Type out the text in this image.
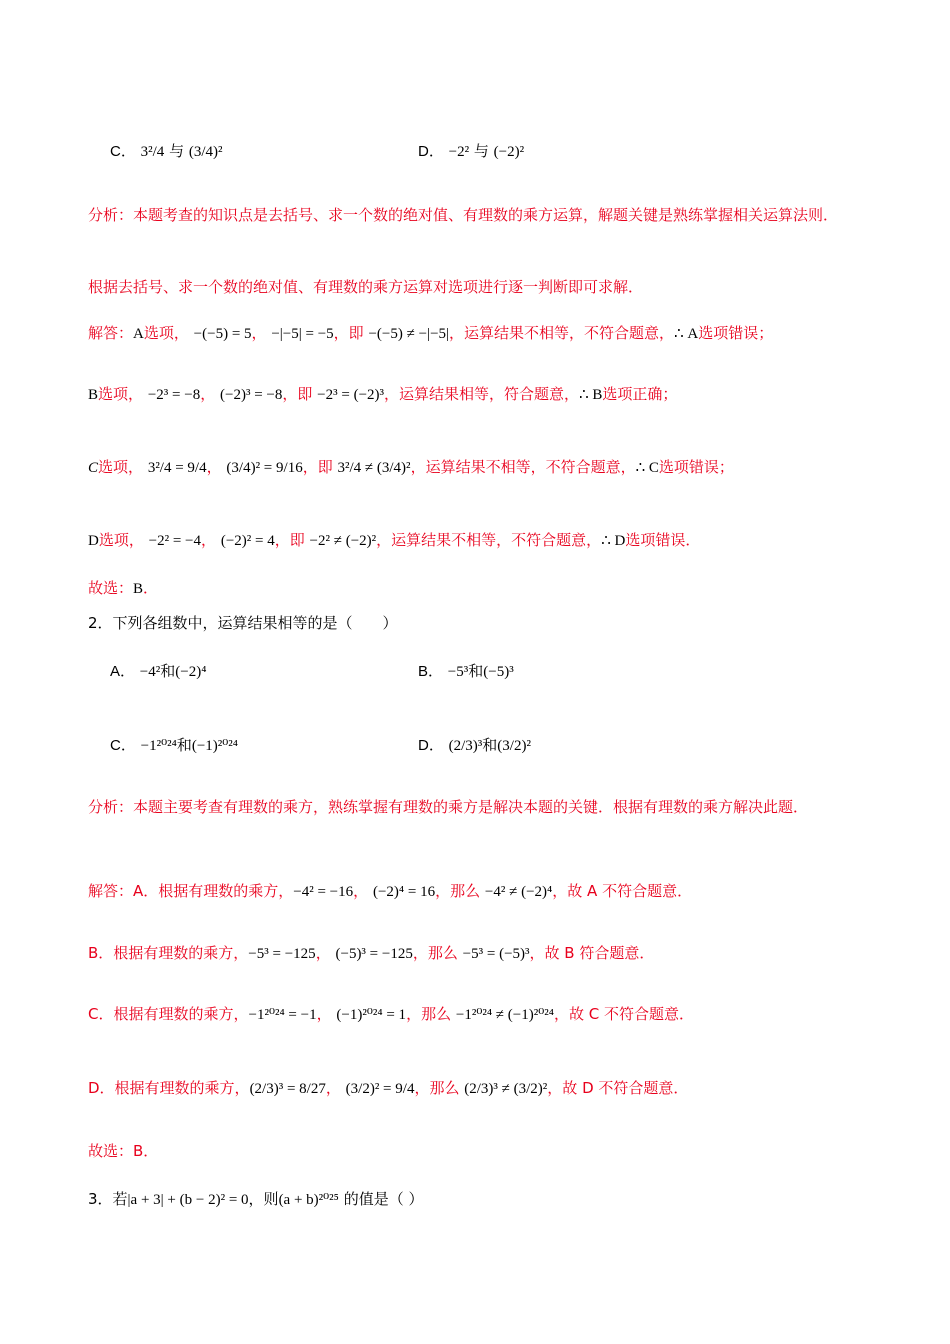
C． 3²/4 与 (3/4)²	D． −2² 与 (−2)²
分析：本题考查的知识点是去括号、求一个数的绝对值、有理数的乘方运算，解题关键是熟练掌握相关运算法则．
根据去括号、求一个数的绝对值、有理数的乘方运算对选项进行逐一判断即可求解．
解答：A选项， −(−5) = 5， −|−5| = −5，即 −(−5) ≠ −|−5|，运算结果不相等，不符合题意，∴ A选项错误；
B选项， −2³ = −8， (−2)³ = −8，即 −2³ = (−2)³，运算结果相等，符合题意，∴ B选项正确；
C选项， 3²/4 = 9/4， (3/4)² = 9/16，即 3²/4 ≠ (3/4)²，运算结果不相等，不符合题意，∴ C选项错误；
D选项， −2² = −4， (−2)² = 4，即 −2² ≠ (−2)²，运算结果不相等，不符合题意，∴ D选项错误．
故选：B．
2．下列各组数中，运算结果相等的是（　　）
A． −4²和(−2)⁴	B． −5³和(−5)³
C． −1²⁰²⁴和(−1)²⁰²⁴	D． (2/3)³和(3/2)²
分析：本题主要考查有理数的乘方，熟练掌握有理数的乘方是解决本题的关键．根据有理数的乘方解决此题．
解答：A．根据有理数的乘方，−4² = −16， (−2)⁴ = 16，那么 −4² ≠ (−2)⁴，故 A 不符合题意．
B．根据有理数的乘方，−5³ = −125， (−5)³ = −125，那么 −5³ = (−5)³，故 B 符合题意．
C．根据有理数的乘方，−1²⁰²⁴ = −1， (−1)²⁰²⁴ = 1，那么 −1²⁰²⁴ ≠ (−1)²⁰²⁴，故 C 不符合题意．
D．根据有理数的乘方，(2/3)³ = 8/27， (3/2)² = 9/4，那么 (2/3)³ ≠ (3/2)²，故 D 不符合题意．
故选：B．
3．若|a + 3| + (b − 2)² = 0，则(a + b)²⁰²⁵ 的值是（ ）
